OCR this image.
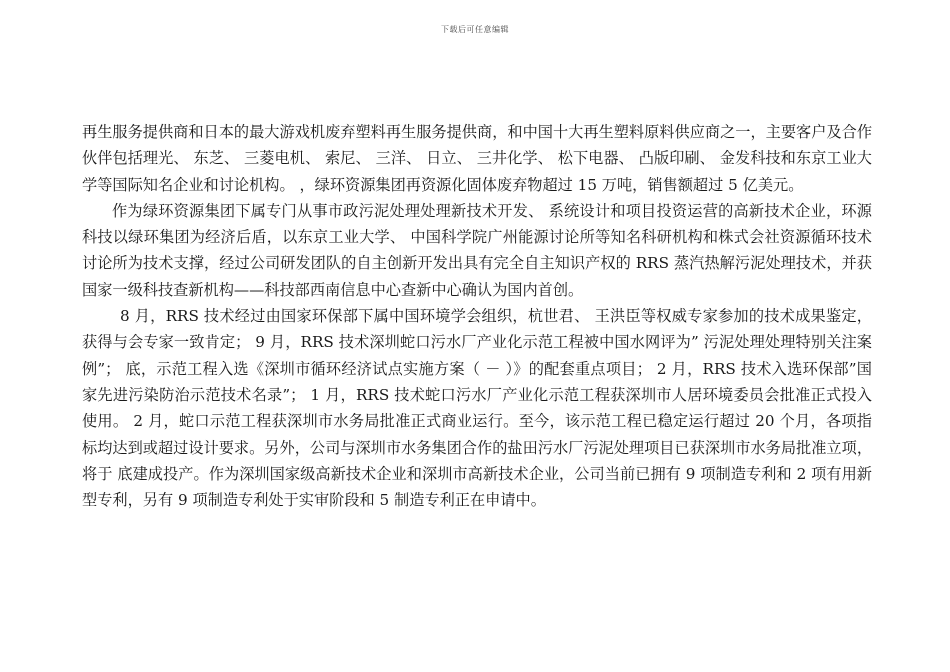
下载后可任意编辑

再生服务提供商和日本的最大游戏机废弃塑料再生服务提供商，和中国十大再生塑料原料供应商之一，主要客户及合作伙伴包括理光、 东芝、 三菱电机、 索尼、 三洋、 日立、 三井化学、 松下电器、 凸版印刷、 金发科技和东京工业大学等国际知名企业和讨论机构。 ，绿环资源集团再资源化固体废弃物超过 15 万吨，销售额超过 5 亿美元。

作为绿环资源集团下属专门从事市政污泥处理处理新技术开发、 系统设计和项目投资运营的高新技术企业，环源科技以绿环集团为经济后盾，以东京工业大学、 中国科学院广州能源讨论所等知名科研机构和株式会社资源循环技术讨论所为技术支撑，经过公司研发团队的自主创新开发出具有完全自主知识产权的 RRS 蒸汽热解污泥处理技术，并获国家一级科技查新机构——科技部西南信息中心查新中心确认为国内首创。

8 月，RRS 技术经过由国家环保部下属中国环境学会组织，杭世君、 王洪臣等权威专家参加的技术成果鉴定，获得与会专家一致肯定； 9 月，RRS 技术深圳蛇口污水厂产业化示范工程被中国水网评为” 污泥处理处理特别关注案例”； 底，示范工程入选《深圳市循环经济试点实施方案（ － ）》的配套重点项目； 2 月，RRS 技术入选环保部”国家先进污染防治示范技术名录”； 1 月，RRS 技术蛇口污水厂产业化示范工程获深圳市人居环境委员会批准正式投入使用。 2 月，蛇口示范工程获深圳市水务局批准正式商业运行。至今，该示范工程已稳定运行超过 20 个月，各项指标均达到或超过设计要求。另外，公司与深圳市水务集团合作的盐田污水厂污泥处理项目已获深圳市水务局批准立项，将于 底建成投产。作为深圳国家级高新技术企业和深圳市高新技术企业，公司当前已拥有 9 项制造专利和 2 项有用新型专利，另有 9 项制造专利处于实审阶段和 5 制造专利正在申请中。
